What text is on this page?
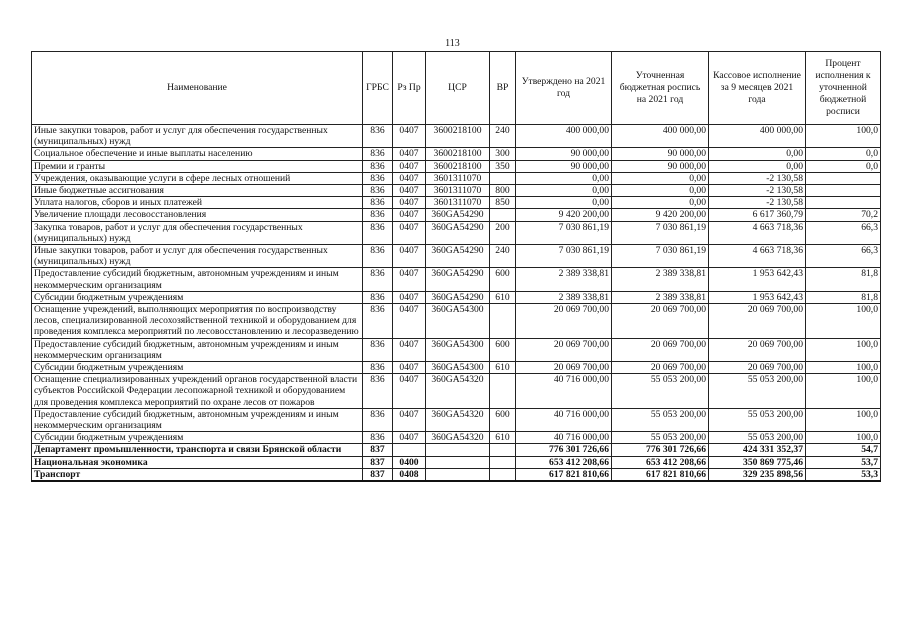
113
Наименование	ГРБС	Рз Пр	ЦСР	ВР	Утверждено на 2021 год	Уточненная бюджетная роспись на 2021 год	Кассовое исполнение за 9 месяцев 2021 года	Процент исполнения к уточненной бюджетной росписи
Иные закупки товаров, работ и услуг для обеспечения государственных (муниципальных) нужд	836	0407	3600218100	240	400 000,00	400 000,00	400 000,00	100,0
Социальное обеспечение и иные выплаты населению	836	0407	3600218100	300	90 000,00	90 000,00	0,00	0,0
Премии и гранты	836	0407	3600218100	350	90 000,00	90 000,00	0,00	0,0
Учреждения, оказывающие услуги в сфере лесных отношений	836	0407	3601311070		0,00	0,00	-2 130,58	
Иные бюджетные ассигнования	836	0407	3601311070	800	0,00	0,00	-2 130,58	
Уплата налогов, сборов и иных платежей	836	0407	3601311070	850	0,00	0,00	-2 130,58	
Увеличение площади лесовосстановления	836	0407	360GA54290		9 420 200,00	9 420 200,00	6 617 360,79	70,2
Закупка товаров, работ и услуг для обеспечения государственных (муниципальных) нужд	836	0407	360GA54290	200	7 030 861,19	7 030 861,19	4 663 718,36	66,3
Иные закупки товаров, работ и услуг для обеспечения государственных (муниципальных) нужд	836	0407	360GA54290	240	7 030 861,19	7 030 861,19	4 663 718,36	66,3
Предоставление субсидий бюджетным, автономным учреждениям и иным некоммерческим организациям	836	0407	360GA54290	600	2 389 338,81	2 389 338,81	1 953 642,43	81,8
Субсидии бюджетным учреждениям	836	0407	360GA54290	610	2 389 338,81	2 389 338,81	1 953 642,43	81,8
Оснащение учреждений, выполняющих мероприятия по воспроизводству лесов, специализированной лесохозяйственной техникой и оборудованием для проведения комплекса мероприятий по лесовосстановлению и лесоразведению	836	0407	360GA54300		20 069 700,00	20 069 700,00	20 069 700,00	100,0
Предоставление субсидий бюджетным, автономным учреждениям и иным некоммерческим организациям	836	0407	360GA54300	600	20 069 700,00	20 069 700,00	20 069 700,00	100,0
Субсидии бюджетным учреждениям	836	0407	360GA54300	610	20 069 700,00	20 069 700,00	20 069 700,00	100,0
Оснащение специализированных учреждений органов государственной власти субъектов Российской Федерации лесопожарной техникой и оборудованием для проведения комплекса мероприятий по охране лесов от пожаров	836	0407	360GA54320		40 716 000,00	55 053 200,00	55 053 200,00	100,0
Предоставление субсидий бюджетным, автономным учреждениям и иным некоммерческим организациям	836	0407	360GA54320	600	40 716 000,00	55 053 200,00	55 053 200,00	100,0
Субсидии бюджетным учреждениям	836	0407	360GA54320	610	40 716 000,00	55 053 200,00	55 053 200,00	100,0
Департамент промышленности, транспорта и связи Брянской области	837				776 301 726,66	776 301 726,66	424 331 352,37	54,7
Национальная экономика	837	0400			653 412 208,66	653 412 208,66	350 869 775,46	53,7
Транспорт	837	0408			617 821 810,66	617 821 810,66	329 235 898,56	53,3
